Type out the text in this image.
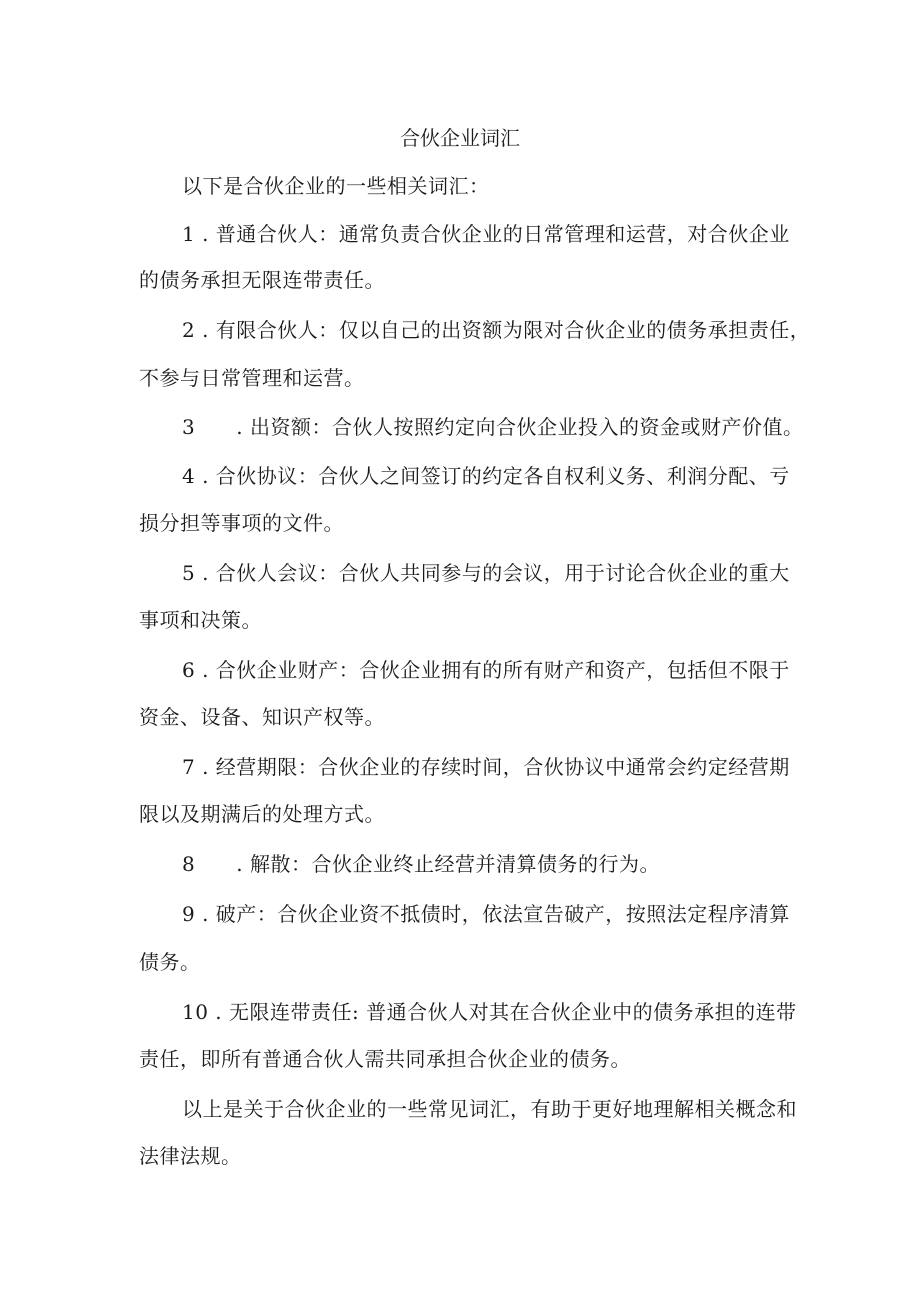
合伙企业词汇
以下是合伙企业的一些相关词汇：
1 . 普通合伙人：通常负责合伙企业的日常管理和运营，对合伙企业
的债务承担无限连带责任。
2 . 有限合伙人：仅以自己的出资额为限对合伙企业的债务承担责任，
不参与日常管理和运营。
3　　. 出资额：合伙人按照约定向合伙企业投入的资金或财产价值。
4 . 合伙协议：合伙人之间签订的约定各自权利义务、利润分配、亏
损分担等事项的文件。
5 . 合伙人会议：合伙人共同参与的会议，用于讨论合伙企业的重大
事项和决策。
6 . 合伙企业财产：合伙企业拥有的所有财产和资产，包括但不限于
资金、设备、知识产权等。
7 . 经营期限：合伙企业的存续时间，合伙协议中通常会约定经营期
限以及期满后的处理方式。
8　　. 解散：合伙企业终止经营并清算债务的行为。
9 . 破产：合伙企业资不抵债时，依法宣告破产，按照法定程序清算
债务。
10 . 无限连带责任: 普通合伙人对其在合伙企业中的债务承担的连带
责任，即所有普通合伙人需共同承担合伙企业的债务。
以上是关于合伙企业的一些常见词汇，有助于更好地理解相关概念和
法律法规。
